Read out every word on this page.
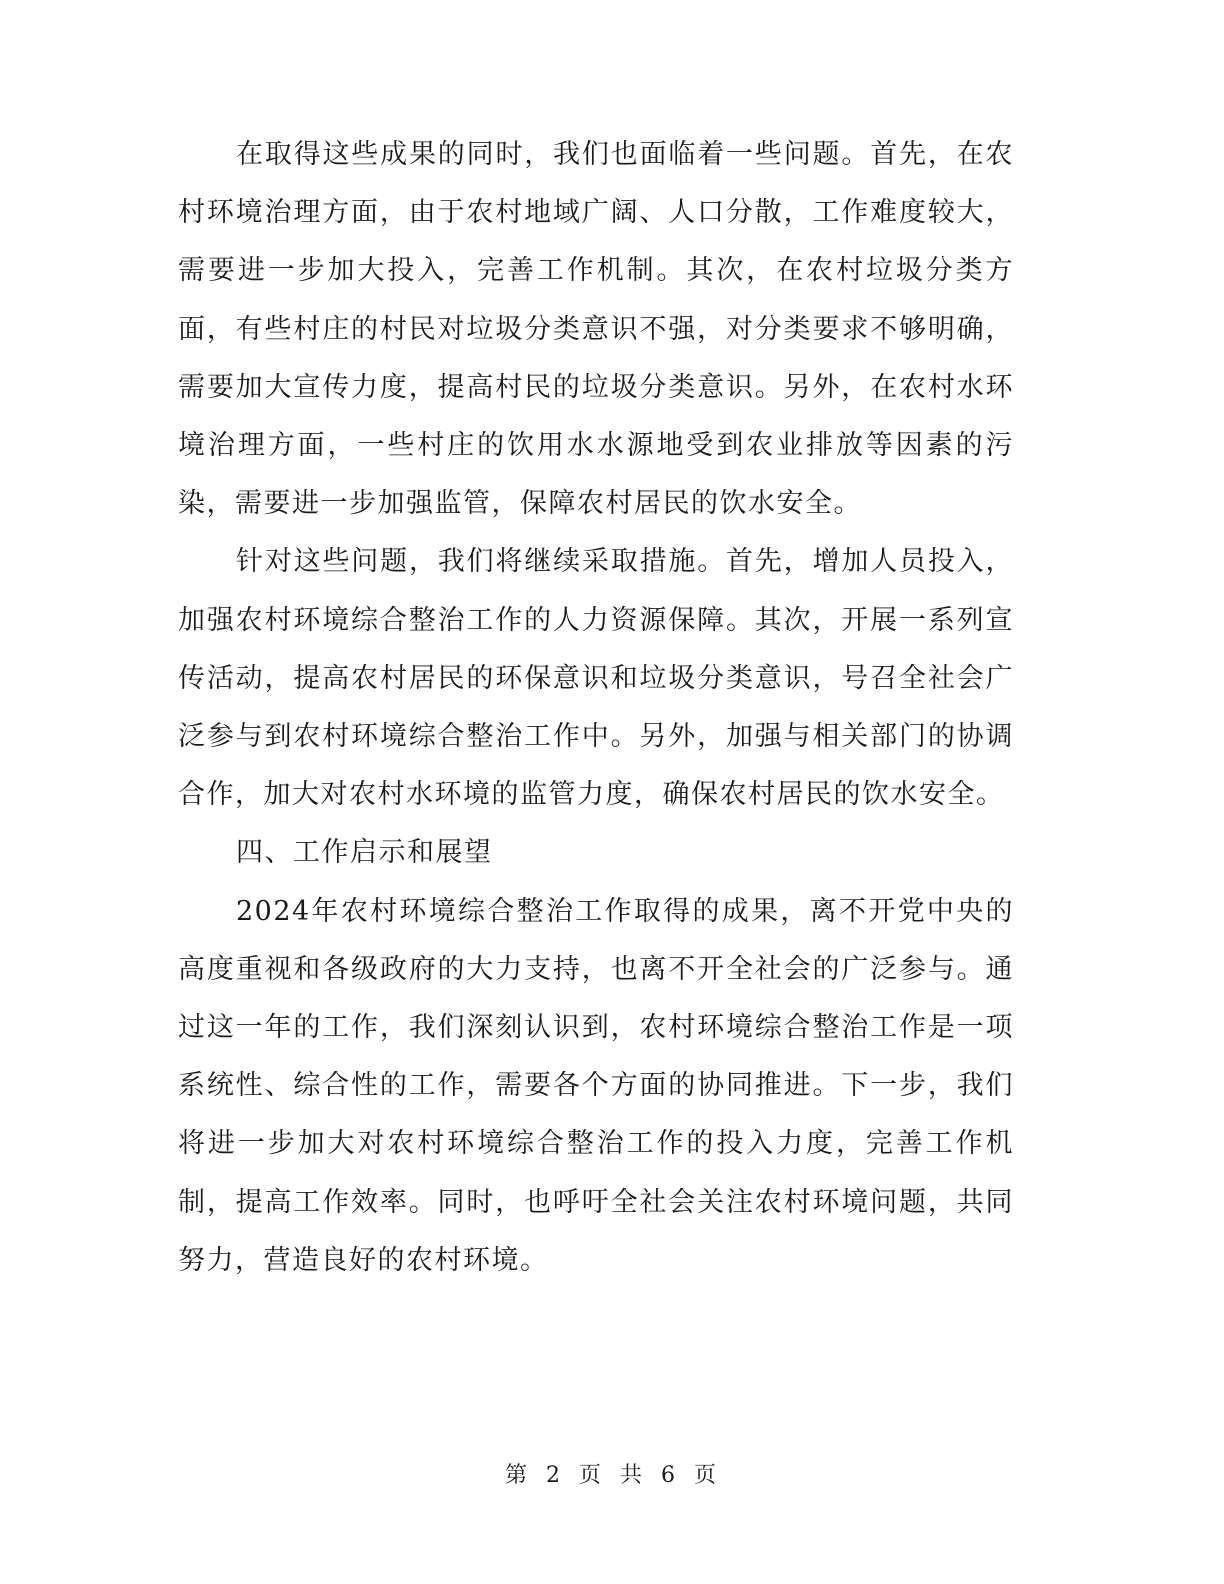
在取得这些成果的同时，我们也面临着一些问题。首先，在农村环境治理方面，由于农村地域广阔、人口分散，工作难度较大，需要进一步加大投入，完善工作机制。其次，在农村垃圾分类方面，有些村庄的村民对垃圾分类意识不强，对分类要求不够明确，需要加大宣传力度，提高村民的垃圾分类意识。另外，在农村水环境治理方面，一些村庄的饮用水水源地受到农业排放等因素的污染，需要进一步加强监管，保障农村居民的饮水安全。

针对这些问题，我们将继续采取措施。首先，增加人员投入，加强农村环境综合整治工作的人力资源保障。其次，开展一系列宣传活动，提高农村居民的环保意识和垃圾分类意识，号召全社会广泛参与到农村环境综合整治工作中。另外，加强与相关部门的协调合作，加大对农村水环境的监管力度，确保农村居民的饮水安全。

四、工作启示和展望

2024年农村环境综合整治工作取得的成果，离不开党中央的高度重视和各级政府的大力支持，也离不开全社会的广泛参与。通过这一年的工作，我们深刻认识到，农村环境综合整治工作是一项系统性、综合性的工作，需要各个方面的协同推进。下一步，我们将进一步加大对农村环境综合整治工作的投入力度，完善工作机制，提高工作效率。同时，也呼吁全社会关注农村环境问题，共同努力，营造良好的农村环境。

第 2 页 共 6 页
